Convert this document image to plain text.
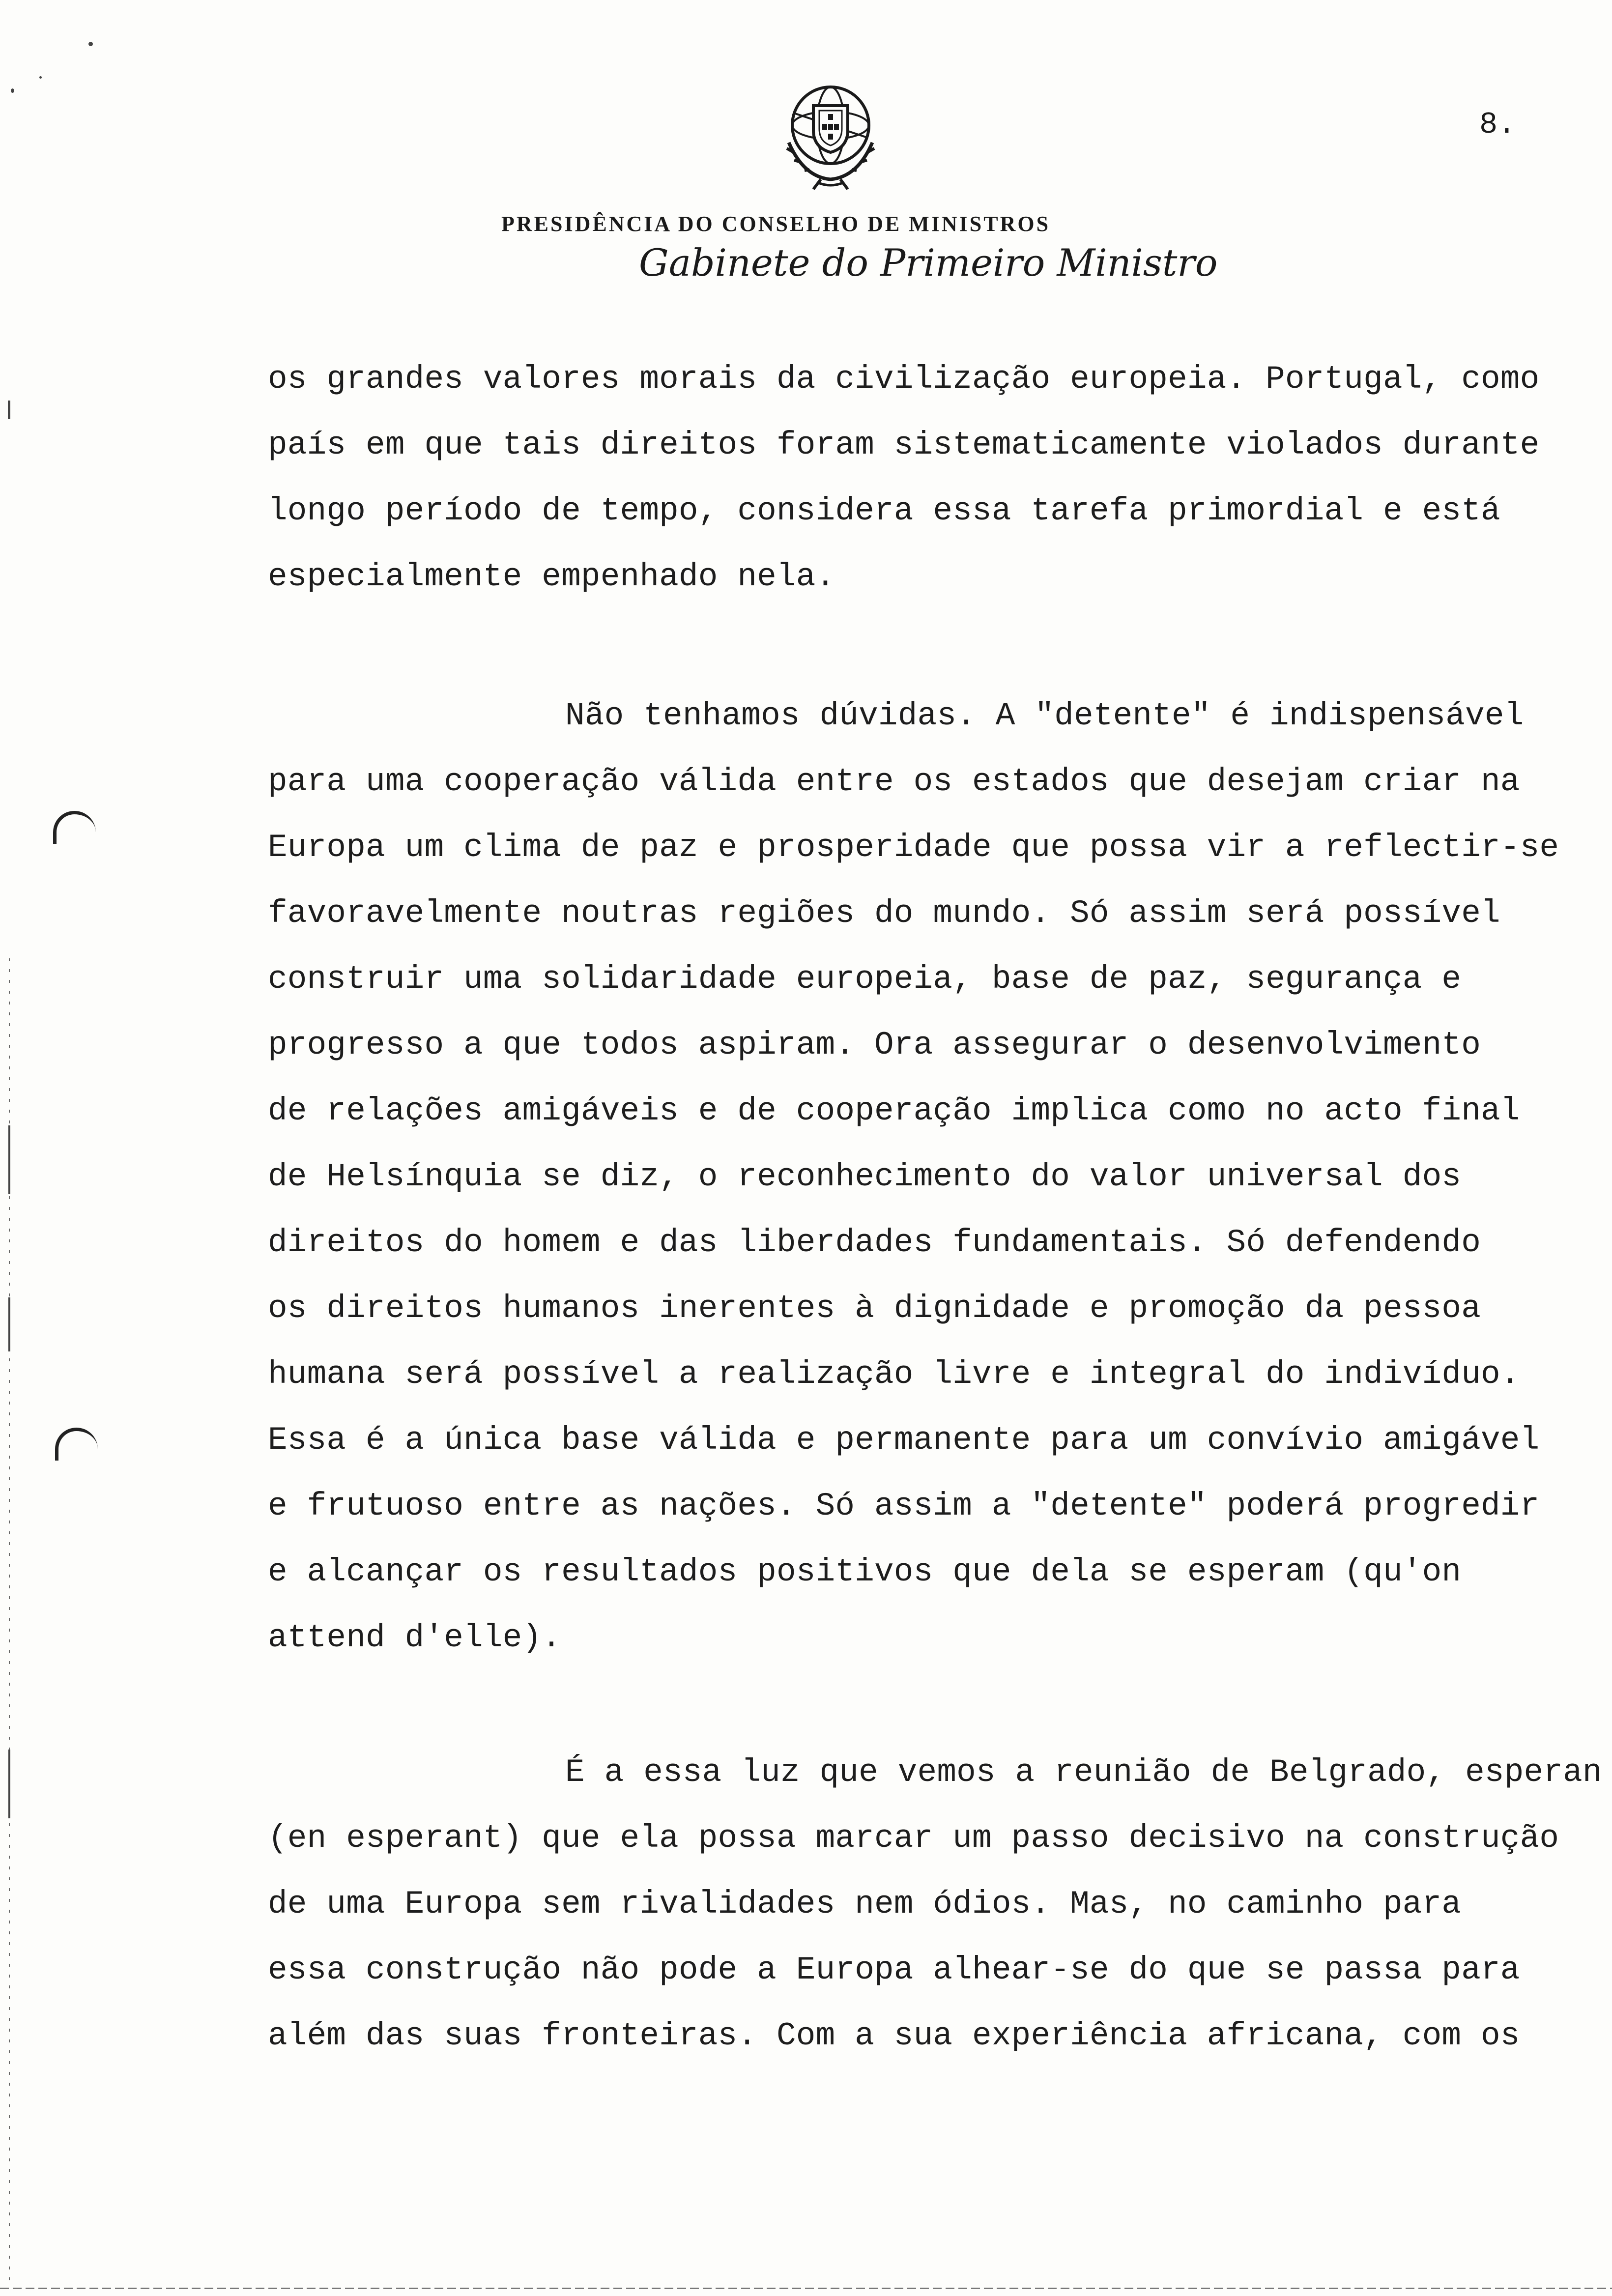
8.
PRESIDÊNCIA DO CONSELHO DE MINISTROS
Gabinete do Primeiro Ministro
os grandes valores morais da civilização europeia. Portugal, como
país em que tais direitos foram sistematicamente violados durante
longo período de tempo, considera essa tarefa primordial e está
especialmente empenhado nela.
Não tenhamos dúvidas. A "detente" é indispensável
para uma cooperação válida entre os estados que desejam criar na
Europa um clima de paz e prosperidade que possa vir a reflectir-se
favoravelmente noutras regiões do mundo. Só assim será possível
construir uma solidaridade europeia, base de paz, segurança e
progresso a que todos aspiram. Ora assegurar o desenvolvimento
de relações amigáveis e de cooperação implica como no acto final
de Helsínquia se diz, o reconhecimento do valor universal dos
direitos do homem e das liberdades fundamentais. Só defendendo
os direitos humanos inerentes à dignidade e promoção da pessoa
humana será possível a realização livre e integral do indivíduo.
Essa é a única base válida e permanente para um convívio amigável
e frutuoso entre as nações. Só assim a "detente" poderá progredir
e alcançar os resultados positivos que dela se esperam (qu'on
attend d'elle).
É a essa luz que vemos a reunião de Belgrado, esperan
(en esperant) que ela possa marcar um passo decisivo na construção
de uma Europa sem rivalidades nem ódios. Mas, no caminho para
essa construção não pode a Europa alhear-se do que se passa para
além das suas fronteiras. Com a sua experiência africana, com os
